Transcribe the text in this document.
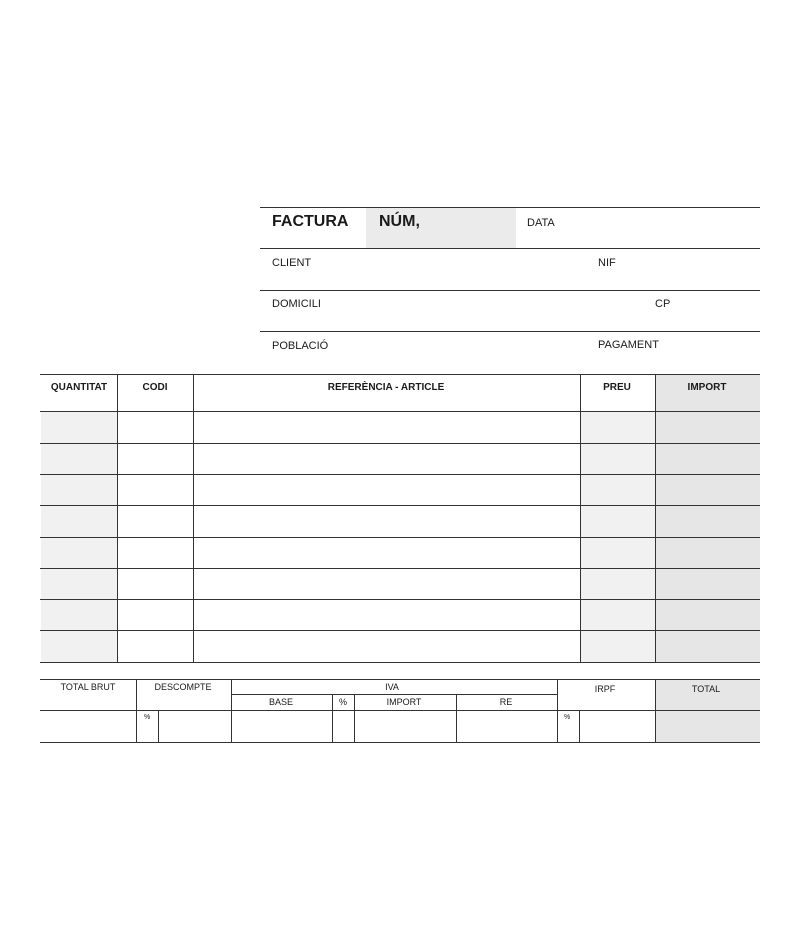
FACTURA NÚM,	DATA
CLIENT	NIF
DOMICILI	CP
POBLACIÓ	PAGAMENT
QUANTITAT	CODI	REFERÈNCIA - ARTICLE	PREU	IMPORT
TOTAL BRUT	DESCOMPTE	IVA	IRPF	TOTAL
BASE	%	IMPORT	RE
%	%
